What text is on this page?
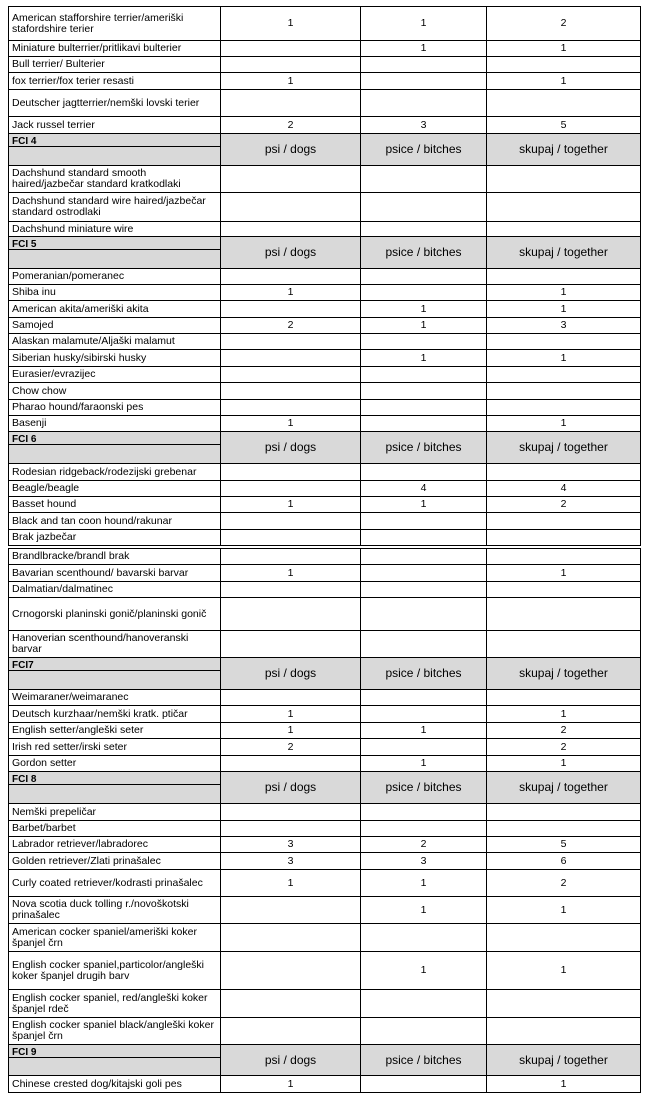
American stafforshire terrier/ameriški stafordshire terier	1	1	2
Miniature bulterrier/pritlikavi bulterier		1	1
Bull terrier/ Bulterier			
fox terrier/fox terier resasti	1		1
Deutscher jagtterrier/nemški lovski terier			
Jack russel terrier	2	3	5

FCI 4	psi / dogs	psice / bitches	skupaj / together
Dachshund standard smooth haired/jazbečar standard kratkodlaki			
Dachshund standard wire haired/jazbečar standard ostrodlaki			
Dachshund miniature wire			

FCI 5	psi / dogs	psice / bitches	skupaj / together
Pomeranian/pomeranec			
Shiba inu	1		1
American akita/ameriški akita		1	1
Samojed	2	1	3
Alaskan malamute/Aljaški malamut			
Siberian husky/sibirski husky		1	1
Eurasier/evrazijec			
Chow chow			
Pharao hound/faraonski pes			
Basenji	1		1

FCI 6	psi / dogs	psice / bitches	skupaj / together
Rodesian ridgeback/rodezijski grebenar			
Beagle/beagle		4	4
Basset hound	1	1	2
Black and tan coon hound/rakunar			
Brak jazbečar			
Brandlbracke/brandl brak			
Bavarian scenthound/ bavarski barvar	1		1
Dalmatian/dalmatinec			
Crnogorski planinski gonič/planinski gonič			
Hanoverian scenthound/hanoveranski barvar			

FCI7	psi / dogs	psice / bitches	skupaj / together
Weimaraner/weimaranec			
Deutsch kurzhaar/nemški kratk. ptičar	1		1
English setter/angleški seter	1	1	2
Irish red setter/irski seter	2		2
Gordon setter		1	1

FCI 8	psi / dogs	psice / bitches	skupaj / together
Nemški prepeličar			
Barbet/barbet			
Labrador retriever/labradorec	3	2	5
Golden retriever/Zlati prinašalec	3	3	6
Curly coated retriever/kodrasti prinašalec	1	1	2
Nova scotia duck tolling r./novoškotski prinašalec		1	1
American cocker spaniel/ameriški koker španjel črn			
English cocker spaniel,particolor/angleški koker španjel drugih barv		1	1
English cocker spaniel, red/angleški koker španjel rdeč			
English cocker spaniel black/angleški koker španjel črn			

FCI 9	psi / dogs	psice / bitches	skupaj / together
Chinese crested dog/kitajski goli pes	1		1
